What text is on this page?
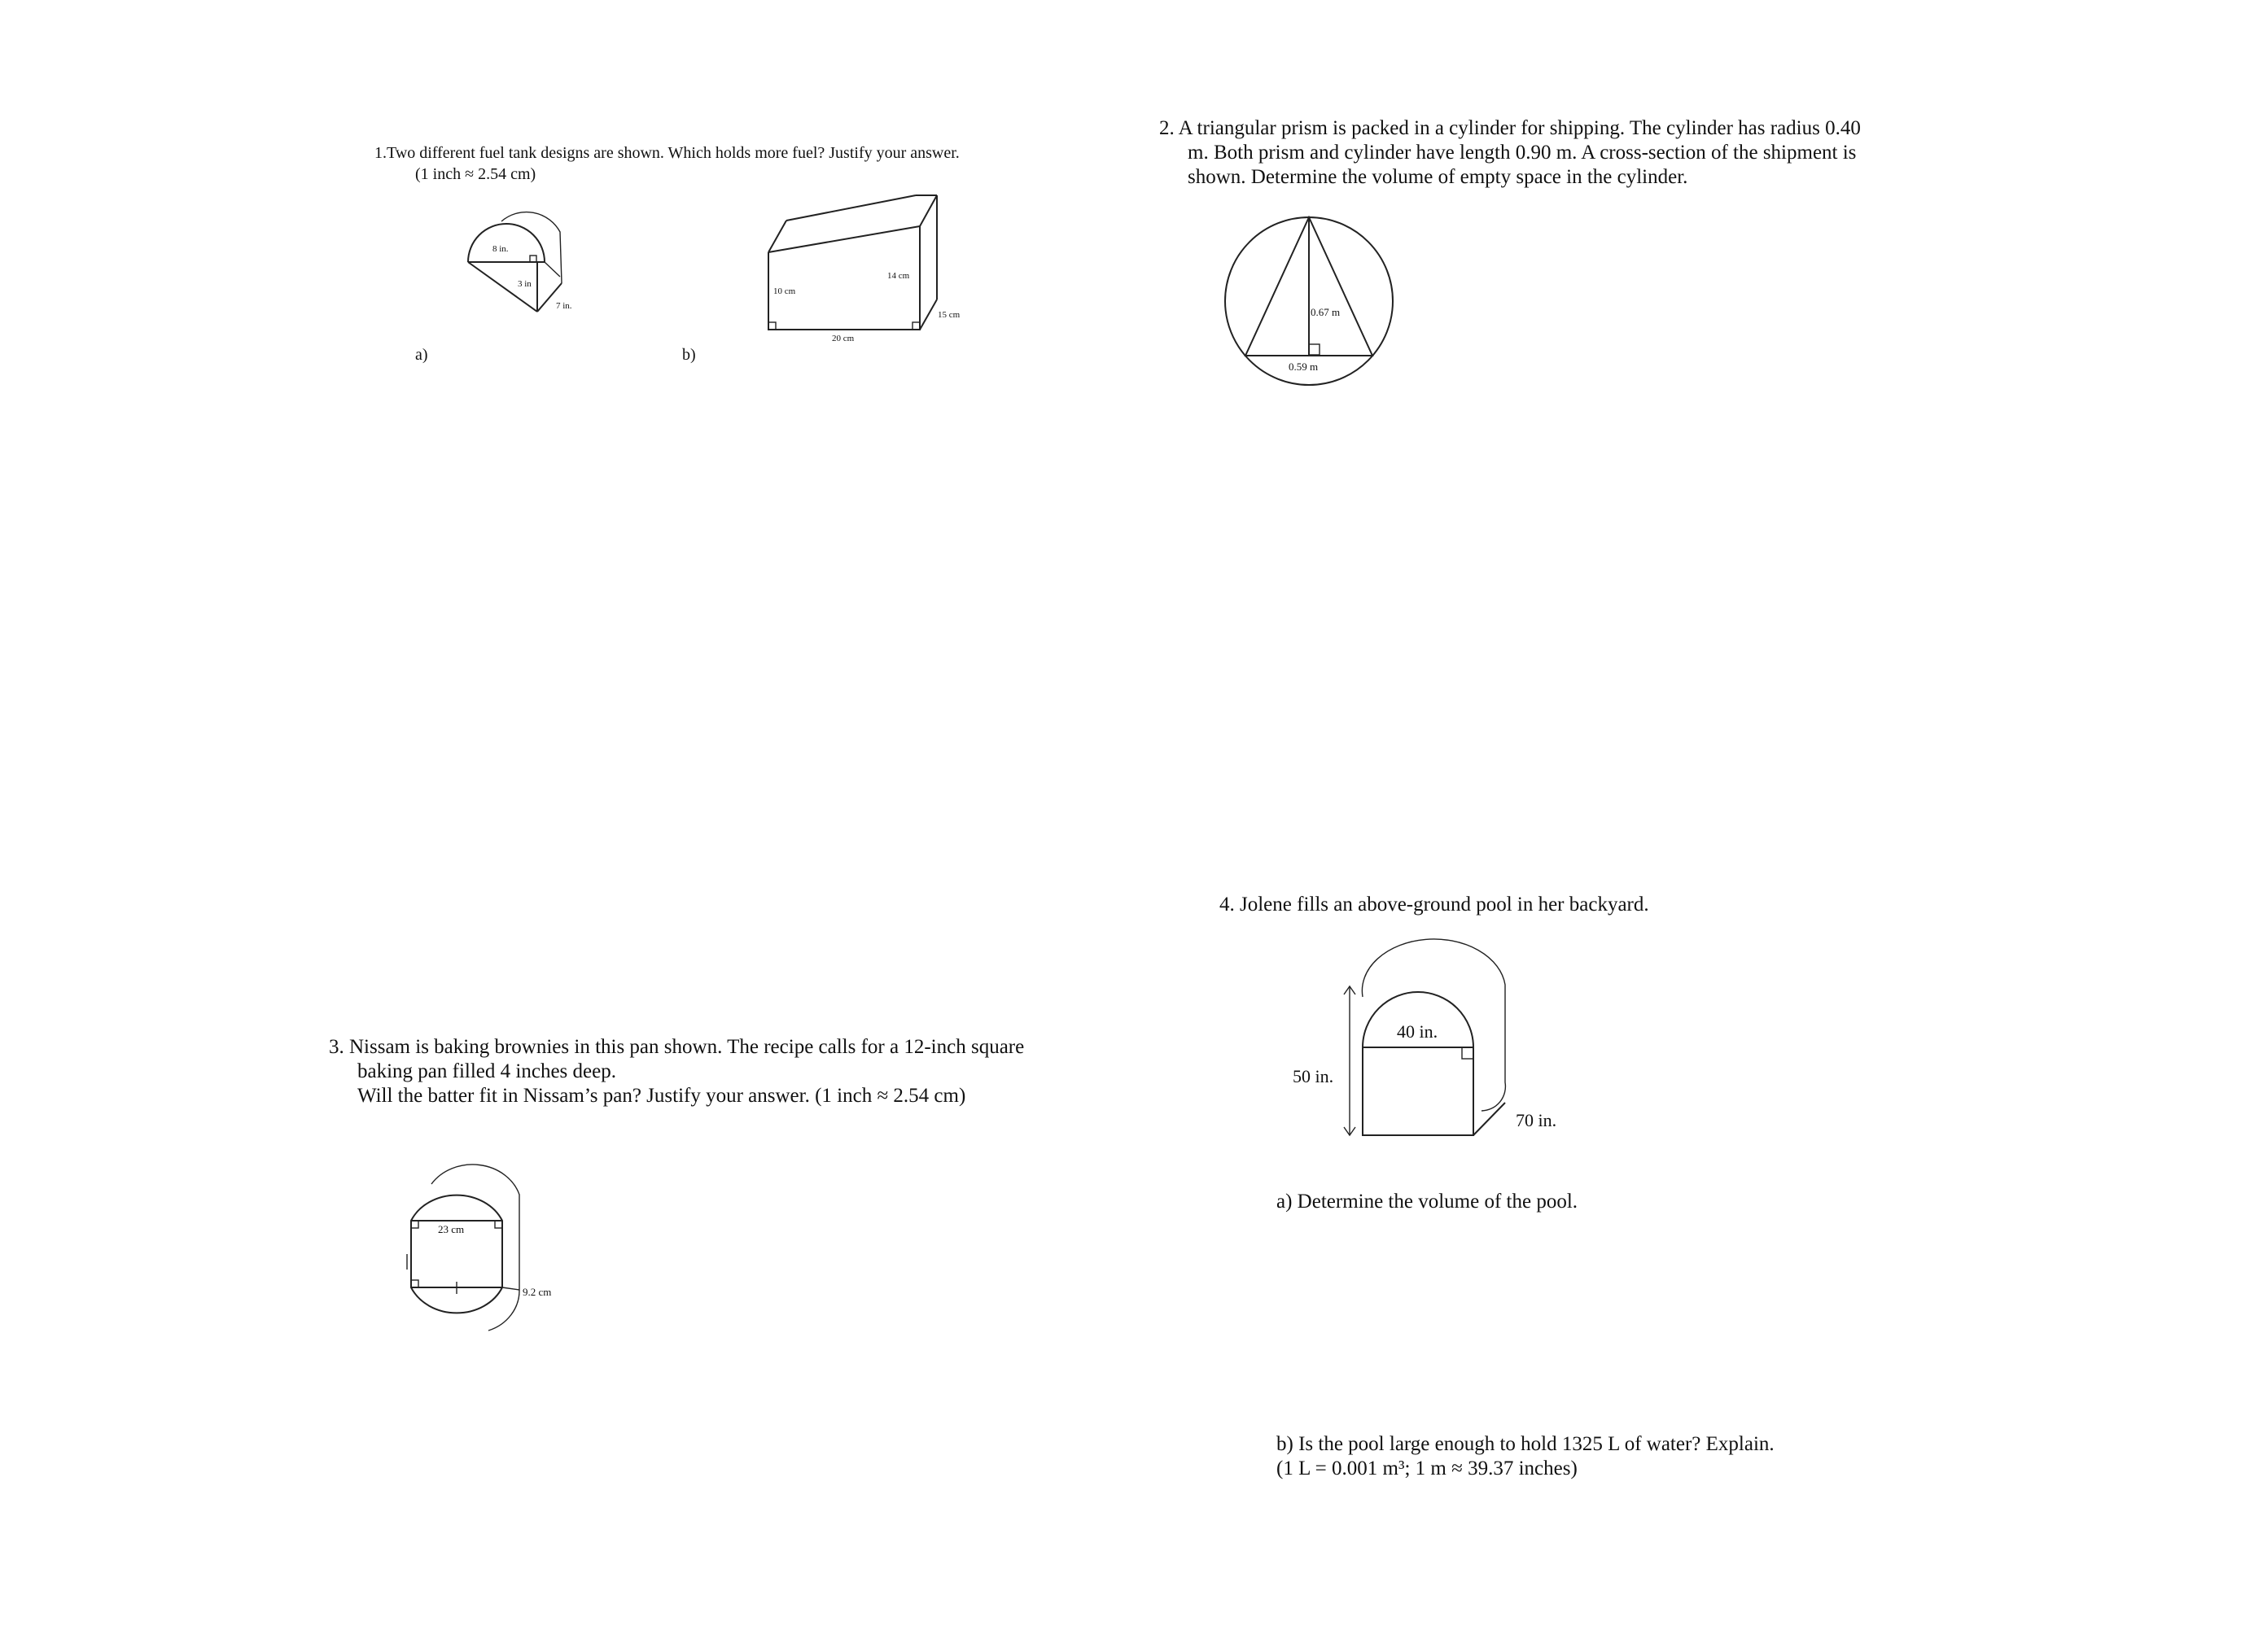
1.Two different fuel tank designs are shown. Which holds more fuel? Justify your answer.
(1 inch ≈ 2.54 cm)
8 in.
3 in
7 in.
a)
14 cm
10 cm
20 cm
15 cm
b)
2. A triangular prism is packed in a cylinder for shipping. The cylinder has radius 0.40
m. Both prism and cylinder have length 0.90 m. A cross-section of the shipment is
shown. Determine the volume of empty space in the cylinder.
0.67 m
0.59 m
3. Nissam is baking brownies in this pan shown. The recipe calls for a 12-inch square
baking pan filled 4 inches deep.
Will the batter fit in Nissam’s pan? Justify your answer. (1 inch ≈ 2.54 cm)
23 cm
9.2 cm
4. Jolene fills an above-ground pool in her backyard.
40 in.
50 in.
70 in.
a) Determine the volume of the pool.
b) Is the pool large enough to hold 1325 L of water? Explain.
(1 L = 0.001 m³; 1 m ≈ 39.37 inches)
